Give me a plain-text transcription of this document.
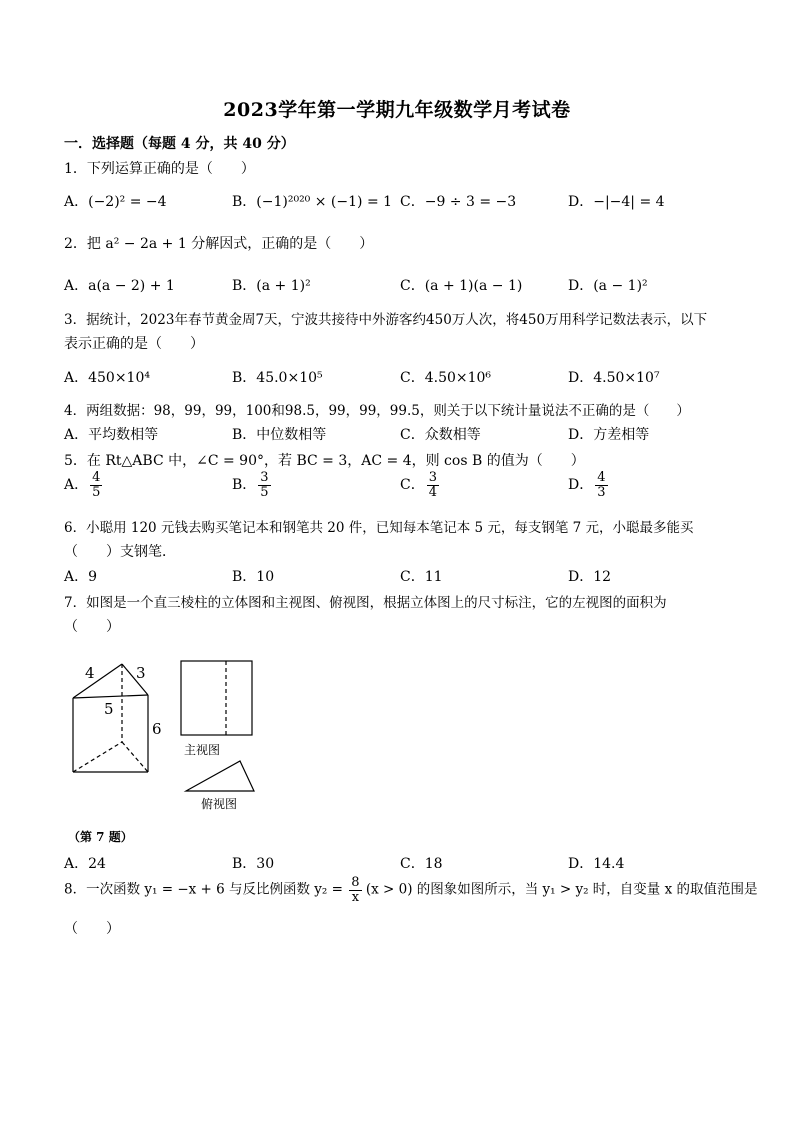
2023学年第一学期九年级数学月考试卷
一．选择题（每题 4 分，共 40 分）
1．下列运算正确的是（　　）
A．(−2)² = −4	B．(−1)²⁰²⁰ × (−1) = 1 C．−9 ÷ 3 = −3	D．−|−4| = 4
2．把 a² − 2a + 1 分解因式，正确的是（　　）
A．a(a − 2) + 1	B．(a + 1)²	C．(a + 1)(a − 1)	D．(a − 1)²
3．据统计，2023年春节黄金周7天，宁波共接待中外游客约450万人次，将450万用科学记数法表示，以下
表示正确的是（　　）
A．450×10⁴	B．45.0×10⁵	C．4.50×10⁶	D．4.50×10⁷
4．两组数据：98，99，99，100和98.5，99，99，99.5，则关于以下统计量说法不正确的是（　　）
A．平均数相等	B．中位数相等	C．众数相等	D．方差相等
5．在 Rt△ABC 中，∠C = 90°，若 BC = 3，AC = 4，则 cos B 的值为（　　）
A． $\frac{4}{5}$	B． $\frac{3}{5}$	C． $\frac{3}{4}$	D． $\frac{4}{3}$
6．小聪用 120 元钱去购买笔记本和钢笔共 20 件，已知每本笔记本 5 元，每支钢笔 7 元，小聪最多能买
（　　）支钢笔．
A．9	B．10	C．11	D．12
7．如图是一个直三棱柱的立体图和主视图、俯视图，根据立体图上的尺寸标注，它的左视图的面积为
（　　）
4	3
5
6
主视图
俯视图
（第 7 题）
A．24	B．30	C．18	D．14.4
8．一次函数 y₁ = −x + 6 与反比例函数 $y_2 = \frac{8}{x} (x > 0)$ 的图象如图所示，当 y₁ > y₂ 时，自变量 x 的取值范围是
（　　）
